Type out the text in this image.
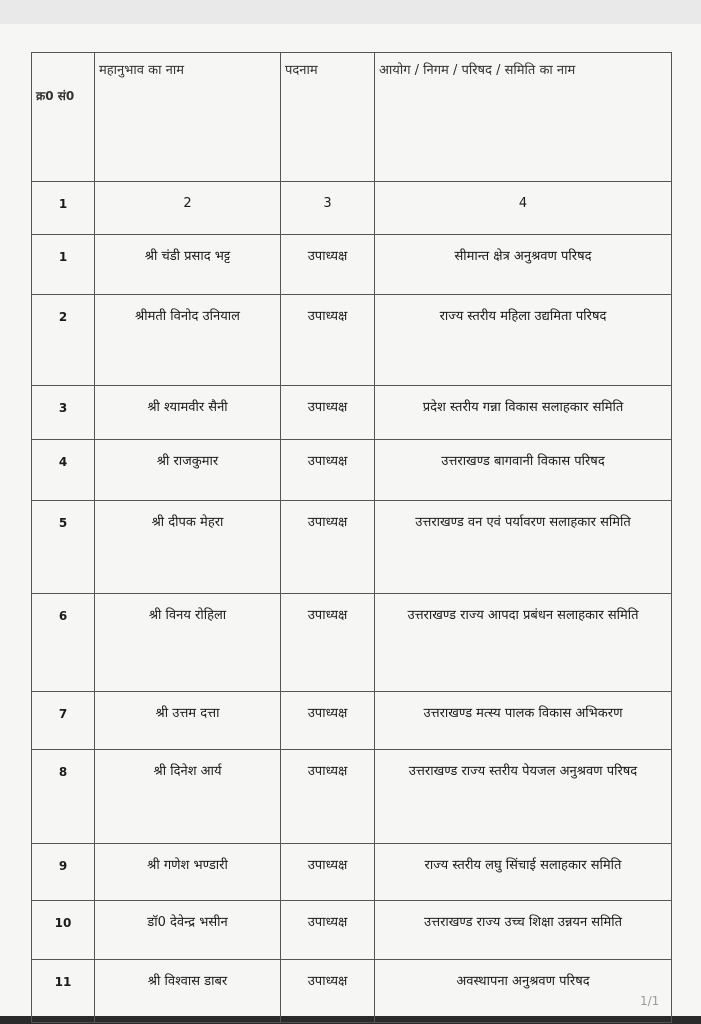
क्र0 सं0	महानुभाव का नाम	पदनाम	आयोग / निगम / परिषद / समिति का नाम
1	2	3	4
1	श्री चंडी प्रसाद भट्ट	उपाध्यक्ष	सीमान्त क्षेत्र अनुश्रवण परिषद
2	श्रीमती विनोद उनियाल	उपाध्यक्ष	राज्य स्तरीय महिला उद्यमिता परिषद
3	श्री श्यामवीर सैनी	उपाध्यक्ष	प्रदेश स्तरीय गन्ना विकास सलाहकार समिति
4	श्री राजकुमार	उपाध्यक्ष	उत्तराखण्ड बागवानी विकास परिषद
5	श्री दीपक मेहरा	उपाध्यक्ष	उत्तराखण्ड वन एवं पर्यावरण सलाहकार समिति
6	श्री विनय रोहिला	उपाध्यक्ष	उत्तराखण्ड राज्य आपदा प्रबंधन सलाहकार समिति
7	श्री उत्तम दत्ता	उपाध्यक्ष	उत्तराखण्ड मत्स्य पालक विकास अभिकरण
8	श्री दिनेश आर्य	उपाध्यक्ष	उत्तराखण्ड राज्य स्तरीय पेयजल अनुश्रवण परिषद
9	श्री गणेश भण्डारी	उपाध्यक्ष	राज्य स्तरीय लघु सिंचाई सलाहकार समिति
10	डॉ0 देवेन्द्र भसीन	उपाध्यक्ष	उत्तराखण्ड राज्य उच्च शिक्षा उन्नयन समिति
11	श्री विश्वास डाबर	उपाध्यक्ष	अवस्थापना अनुश्रवण परिषद
1/1
